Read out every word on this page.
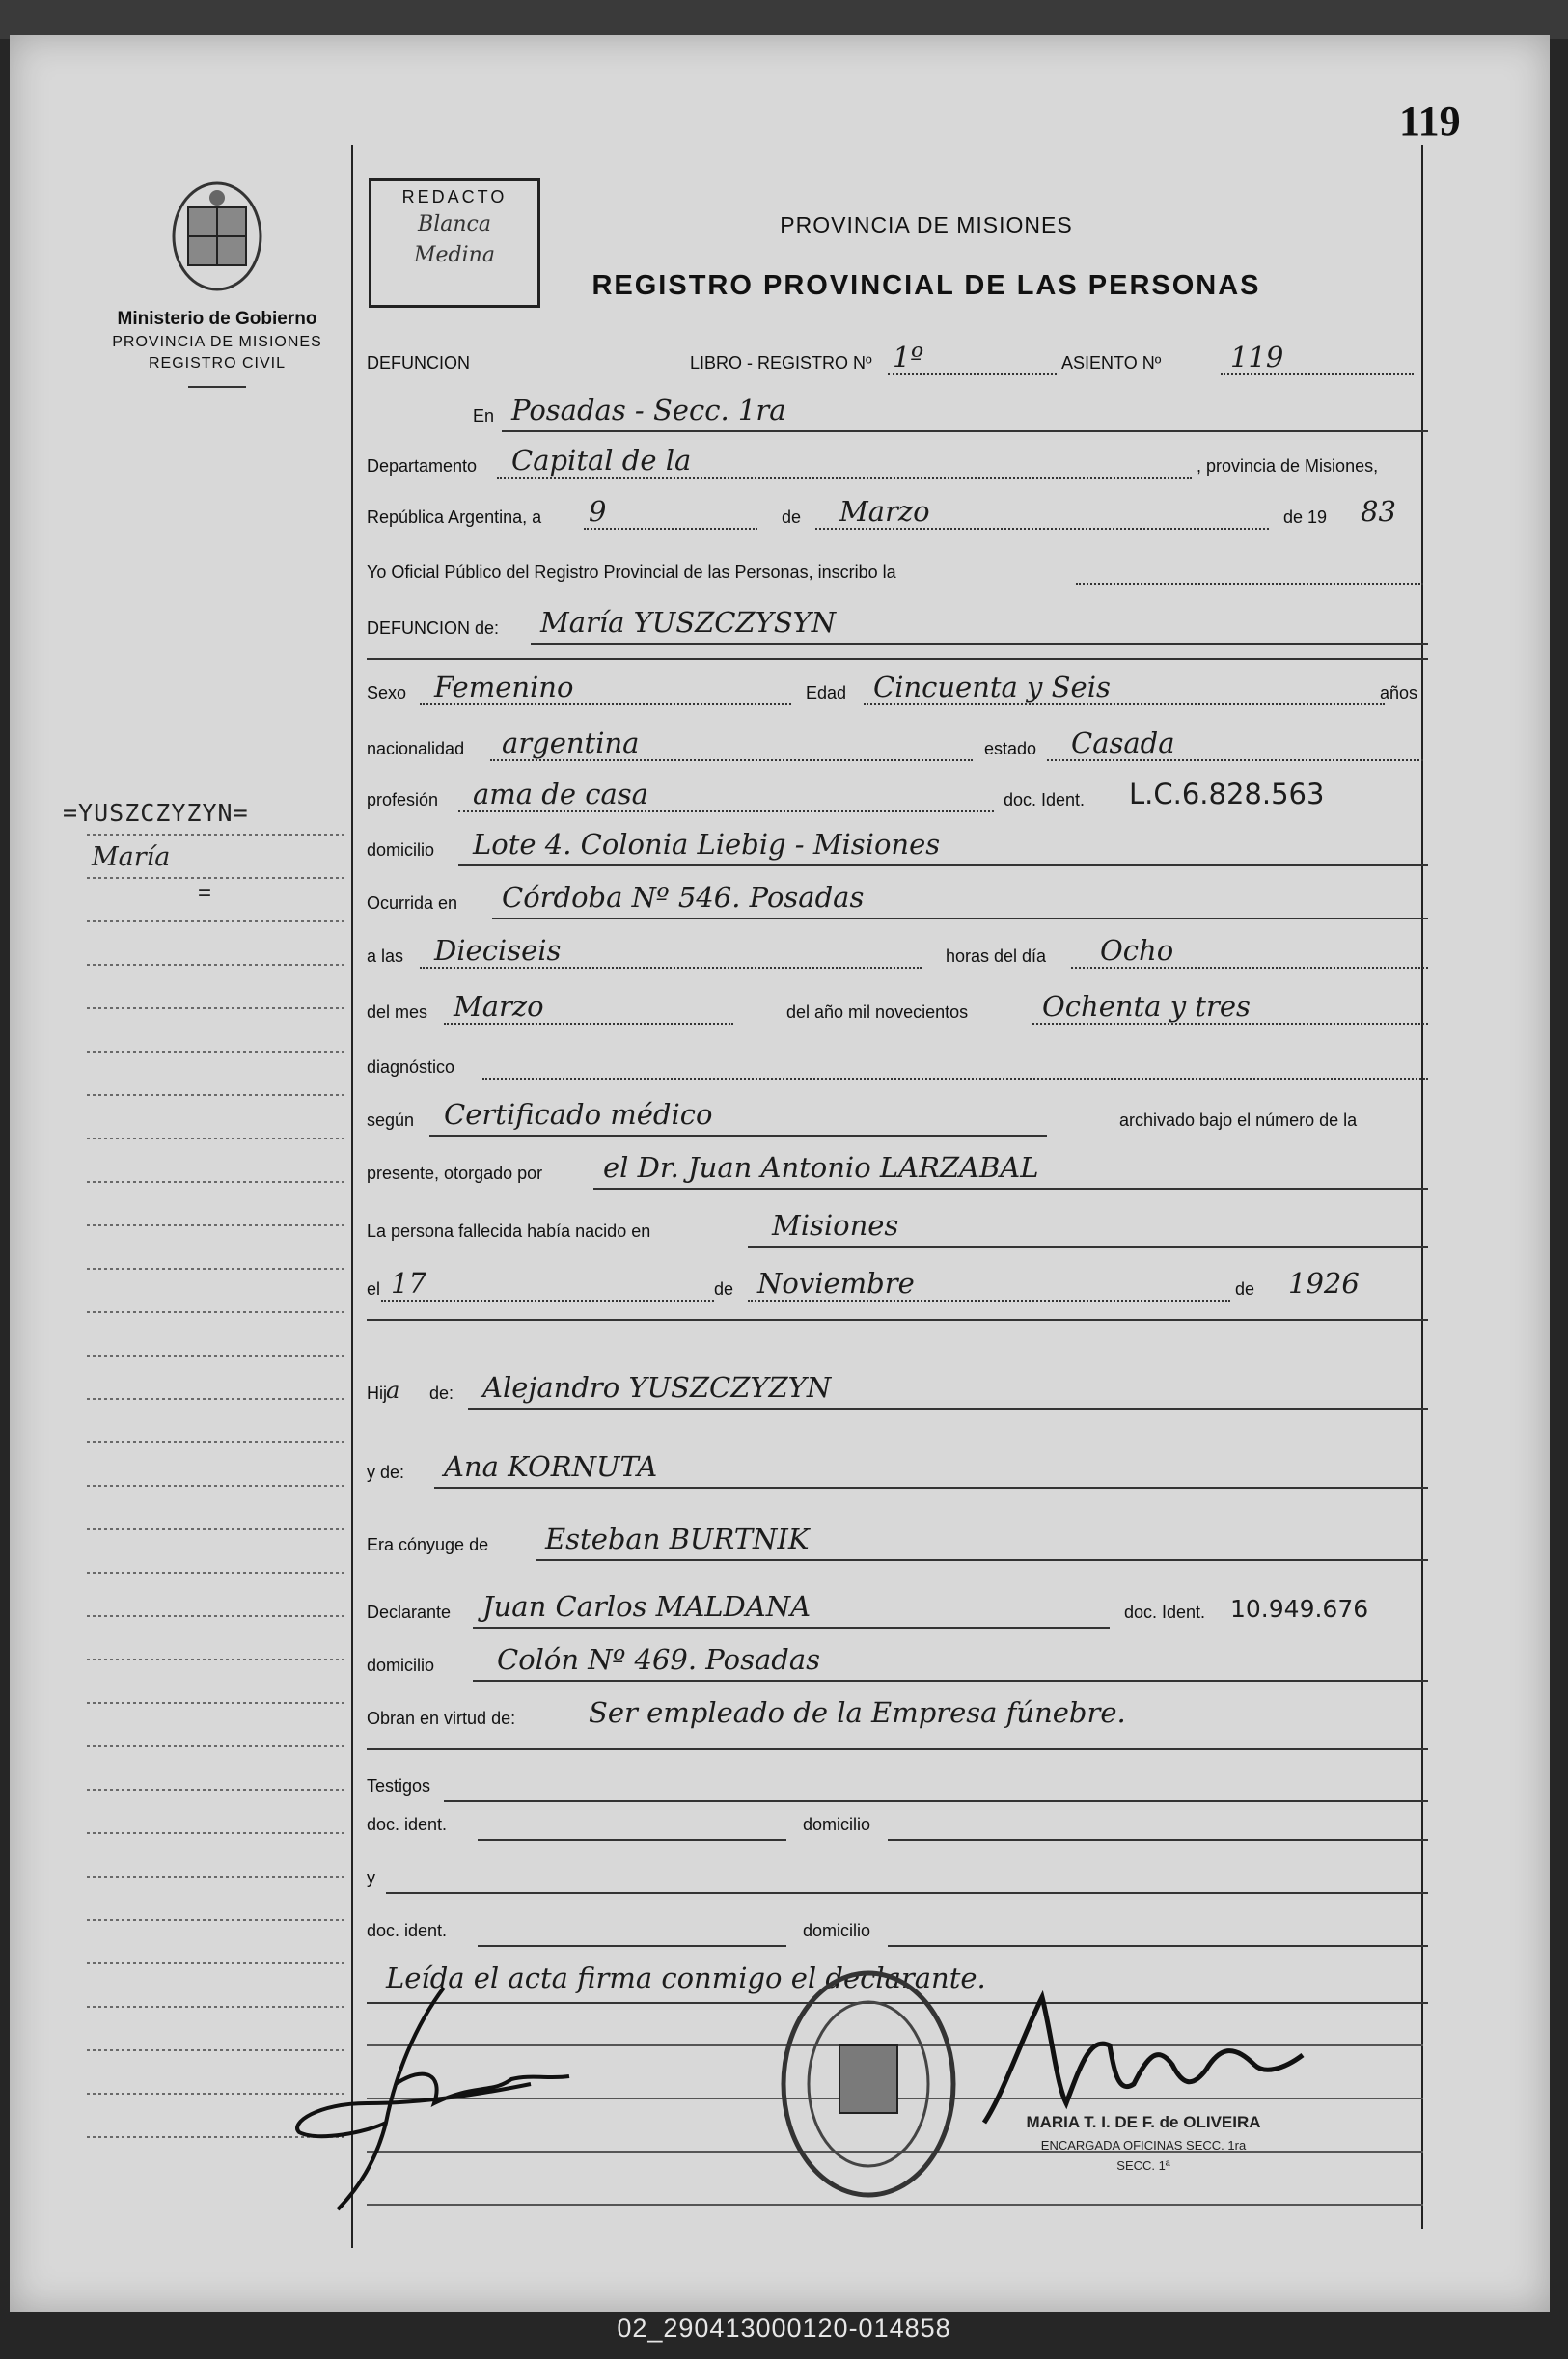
119
Ministerio de Gobierno
PROVINCIA DE MISIONES
REGISTRO CIVIL
=YUSZCZYZYN=
María
=
REDACTO
Blanca
Medina
PROVINCIA DE MISIONES
REGISTRO PROVINCIAL DE LAS PERSONAS
DEFUNCION	LIBRO - REGISTRO Nº 1º	ASIENTO Nº 119
En Posadas - Secc. 1ra
Departamento Capital de la	, provincia de Misiones,
República Argentina, a 9	de Marzo	de 19 83
Yo Oficial Público del Registro Provincial de las Personas, inscribo la
DEFUNCION de: María YUSZCZYSYN
Sexo Femenino	Edad Cincuenta y Seis	años
nacionalidad argentina	estado Casada
profesión ama de casa	doc. Ident. L.C.6.828.563
domicilio Lote 4. Colonia Liebig - Misiones
Ocurrida en Córdoba Nº 546. Posadas
a las Dieciseis	horas del día Ocho
del mes Marzo	del año mil novecientos	Ochenta y tres
diagnóstico
según Certificado médico	archivado bajo el número de la
presente, otorgado por el Dr. Juan Antonio LARZABAL
La persona fallecida había nacido en	Misiones
el 17	de Noviembre	de 1926
Hij a de: Alejandro YUSZCZYZYN
y de: Ana KORNUTA
Era cónyuge de Esteban BURTNIK
Declarante Juan Carlos MALDANA	doc. Ident. 10.949.676
domicilio Colón Nº 469. Posadas
Obran en virtud de:	Ser empleado de la Empresa fúnebre.
Testigos
doc. ident.	domicilio
y
doc. ident.	domicilio
Leída el acta firma conmigo el declarante.
MARIA T. I. DE F. de OLIVEIRA
ENCARGADA OFICINAS SECC. 1ra
SECC. 1ª
02_290413000120-014858
